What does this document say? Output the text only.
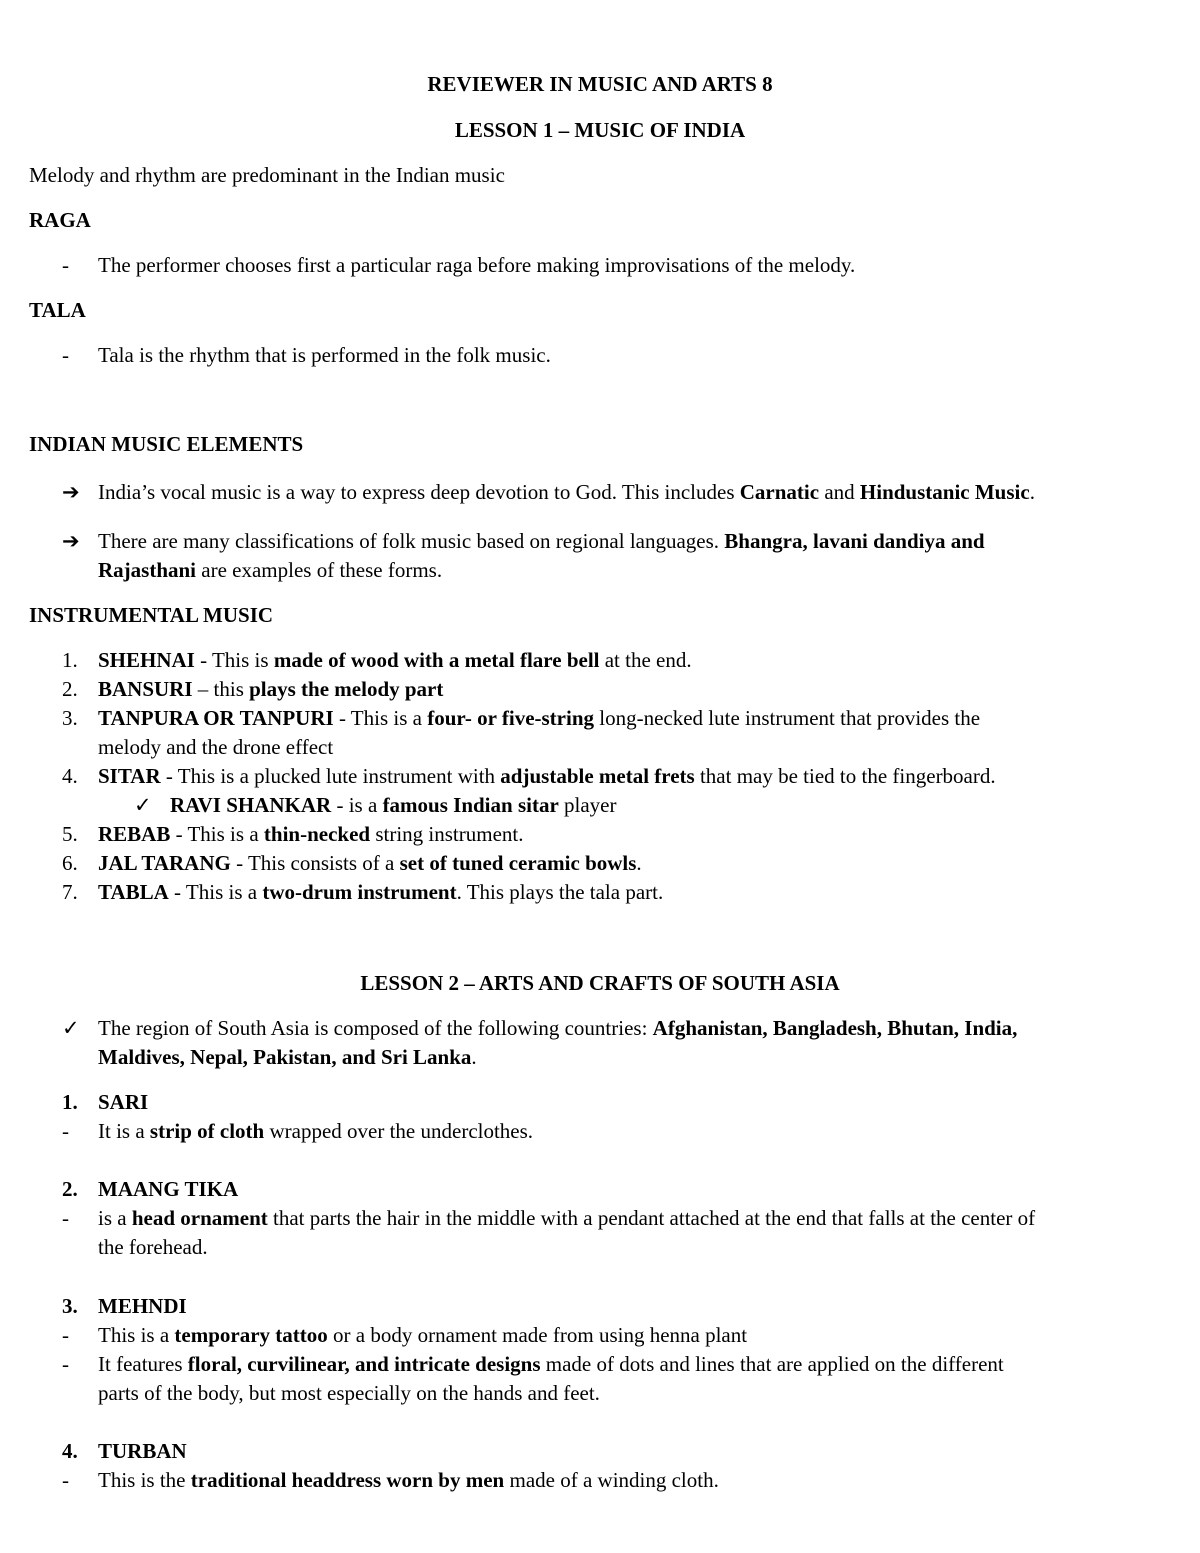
REVIEWER IN MUSIC AND ARTS 8
LESSON 1 – MUSIC OF INDIA
Melody and rhythm are predominant in the Indian music
RAGA
-	The performer chooses first a particular raga before making improvisations of the melody.
TALA
-	Tala is the rhythm that is performed in the folk music.
INDIAN MUSIC ELEMENTS
➔ India’s vocal music is a way to express deep devotion to God. This includes Carnatic and Hindustanic Music.
➔ There are many classifications of folk music based on regional languages. Bhangra, lavani dandiya and
Rajasthani are examples of these forms.
INSTRUMENTAL MUSIC
1. SHEHNAI - This is made of wood with a metal flare bell at the end.
2. BANSURI – this plays the melody part
3. TANPURA OR TANPURI - This is a four- or five-string long-necked lute instrument that provides the
melody and the drone effect
4. SITAR - This is a plucked lute instrument with adjustable metal frets that may be tied to the fingerboard.
✓ RAVI SHANKAR - is a famous Indian sitar player
5. REBAB - This is a thin-necked string instrument.
6. JAL TARANG - This consists of a set of tuned ceramic bowls.
7. TABLA - This is a two-drum instrument. This plays the tala part.
LESSON 2 – ARTS AND CRAFTS OF SOUTH ASIA
✓ The region of South Asia is composed of the following countries: Afghanistan, Bangladesh, Bhutan, India,
Maldives, Nepal, Pakistan, and Sri Lanka.
1. SARI
-	It is a strip of cloth wrapped over the underclothes.
2. MAANG TIKA
-	is a head ornament that parts the hair in the middle with a pendant attached at the end that falls at the center of
the forehead.
3. MEHNDI
-	This is a temporary tattoo or a body ornament made from using henna plant
-	It features floral, curvilinear, and intricate designs made of dots and lines that are applied on the different
parts of the body, but most especially on the hands and feet.
4. TURBAN
-	This is the traditional headdress worn by men made of a winding cloth.
